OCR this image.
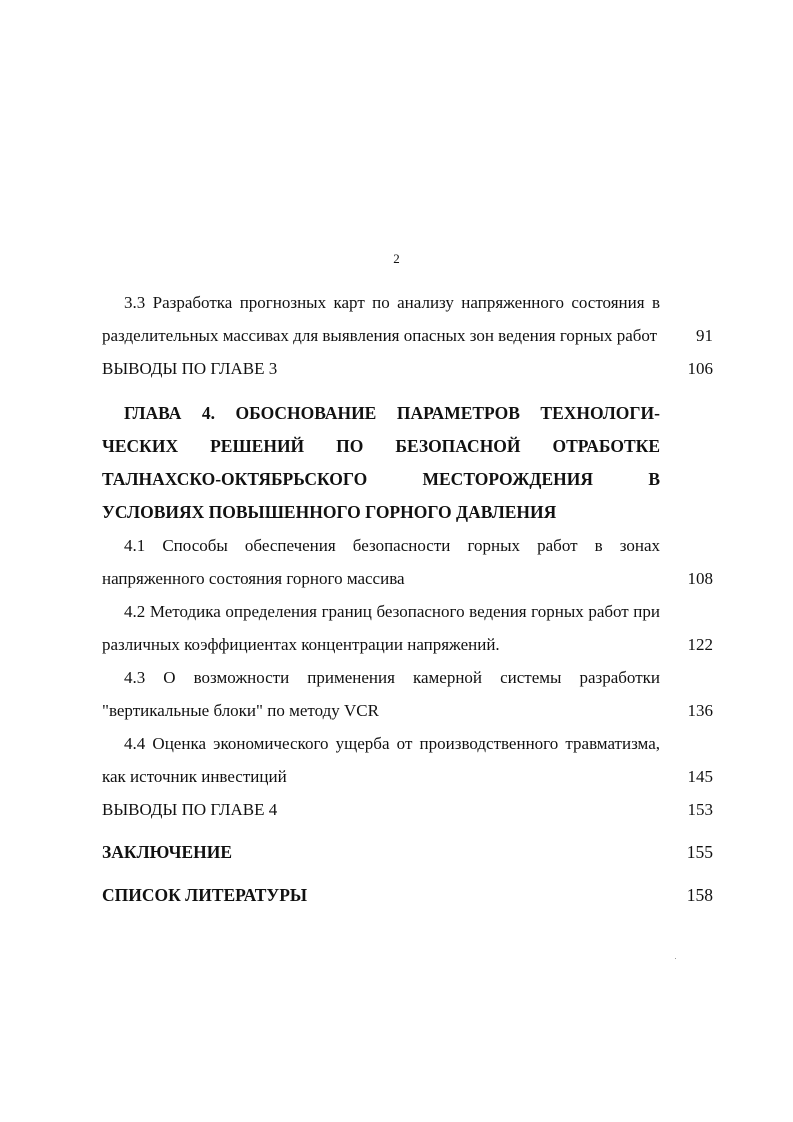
2
3.3 Разработка прогнозных карт по анализу напряженного состояния в разделительных массивах для выявления опасных зон ведения горных работ 91
ВЫВОДЫ ПО ГЛАВЕ 3	106
ГЛАВА 4. ОБОСНОВАНИЕ ПАРАМЕТРОВ ТЕХНОЛОГИ-ЧЕСКИХ РЕШЕНИЙ ПО БЕЗОПАСНОЙ ОТРАБОТКЕ ТАЛНАХСКО-ОКТЯБРЬСКОГО МЕСТОРОЖДЕНИЯ В УСЛОВИЯХ ПОВЫШЕННОГО ГОРНОГО ДАВЛЕНИЯ
4.1 Способы обеспечения безопасности горных работ в зонах напряженного состояния горного массива	108
4.2 Методика определения границ безопасного ведения горных работ при различных коэффициентах концентрации напряжений.	122
4.3 О возможности применения камерной системы разработки "вертикальные блоки" по методу VCR	136
4.4 Оценка экономического ущерба от производственного травматизма, как источник инвестиций	145
ВЫВОДЫ ПО ГЛАВЕ 4	153
ЗАКЛЮЧЕНИЕ	155
СПИСОК ЛИТЕРАТУРЫ	158
